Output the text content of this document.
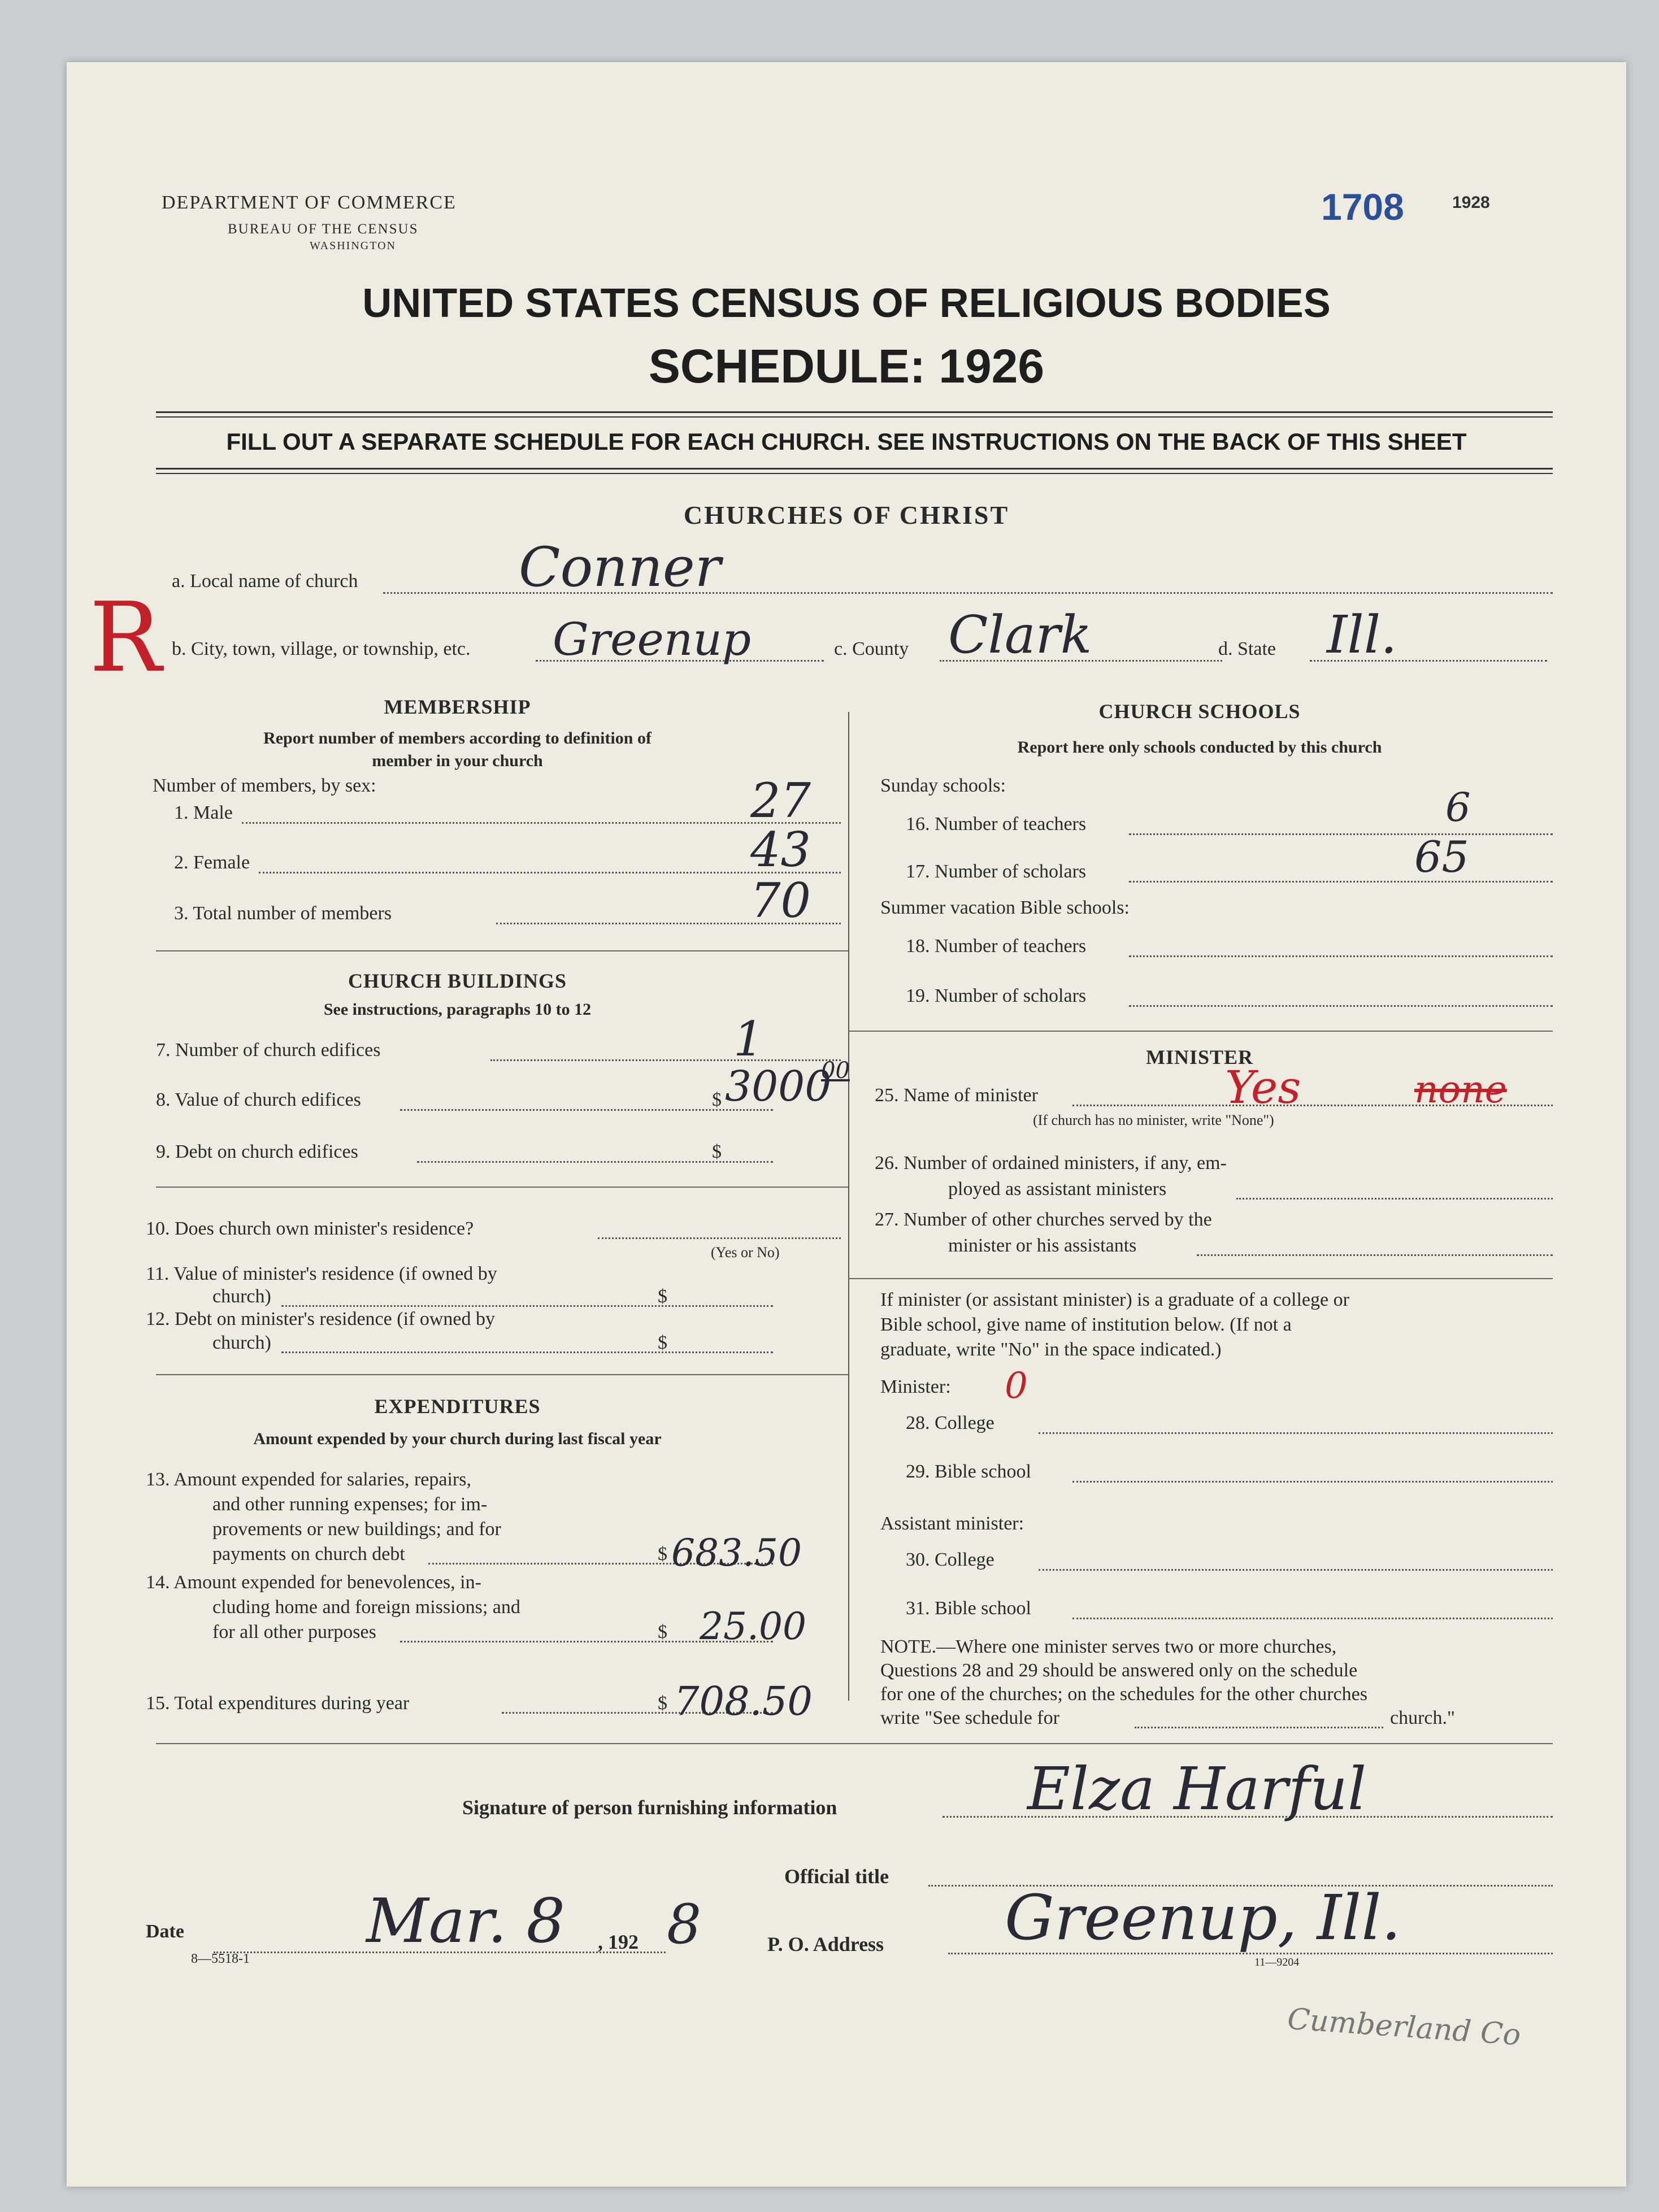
DEPARTMENT OF COMMERCE
BUREAU OF THE CENSUS
WASHINGTON
1708	1928
UNITED STATES CENSUS OF RELIGIOUS BODIES
SCHEDULE: 1926
FILL OUT A SEPARATE SCHEDULE FOR EACH CHURCH. SEE INSTRUCTIONS ON THE BACK OF THIS SHEET
CHURCHES OF CHRIST
R
a. Local name of church	Conner
b. City, town, village, or township, etc. Greenup	c. County Clark	d. State Ill.
MEMBERSHIP
Report number of members according to definition of
member in your church
Number of members, by sex:
1. Male	27
2. Female	43
3. Total number of members	70
CHURCH BUILDINGS
See instructions, paragraphs 10 to 12
7. Number of church edifices	1
8. Value of church edifices	$ 3000
00
9. Debt on church edifices	$
10. Does church own minister's residence?
(Yes or No)
11. Value of minister's residence (if owned by
church)	$
12. Debt on minister's residence (if owned by
church)	$
EXPENDITURES
Amount expended by your church during last fiscal year
13. Amount expended for salaries, repairs,
and other running expenses; for im-
provements or new buildings; and for
payments on church debt	$ 683.50
14. Amount expended for benevolences, in-
cluding home and foreign missions; and
for all other purposes	$ 25.00
15. Total expenditures during year	$ 708.50
CHURCH SCHOOLS
Report here only schools conducted by this church
Sunday schools:
16. Number of teachers	6
17. Number of scholars	65
Summer vacation Bible schools:
18. Number of teachers
19. Number of scholars
MINISTER
25. Name of minister	Yes	none
(If church has no minister, write "None")
26. Number of ordained ministers, if any, em-
ployed as assistant ministers
27. Number of other churches served by the
minister or his assistants
If minister (or assistant minister) is a graduate of a college or
Bible school, give name of institution below. (If not a
graduate, write "No" in the space indicated.)
Minister: 0
28. College
29. Bible school
Assistant minister:
30. College
31. Bible school
NOTE.—Where one minister serves two or more churches,
Questions 28 and 29 should be answered only on the schedule
for one of the churches; on the schedules for the other churches
write "See schedule for	church."
Signature of person furnishing information	Elza Harful
Official title
Date	Mar. 8 , 192 8
8—5518-1
P. O. Address Greenup, Ill.
11—9204
Cumberland Co
